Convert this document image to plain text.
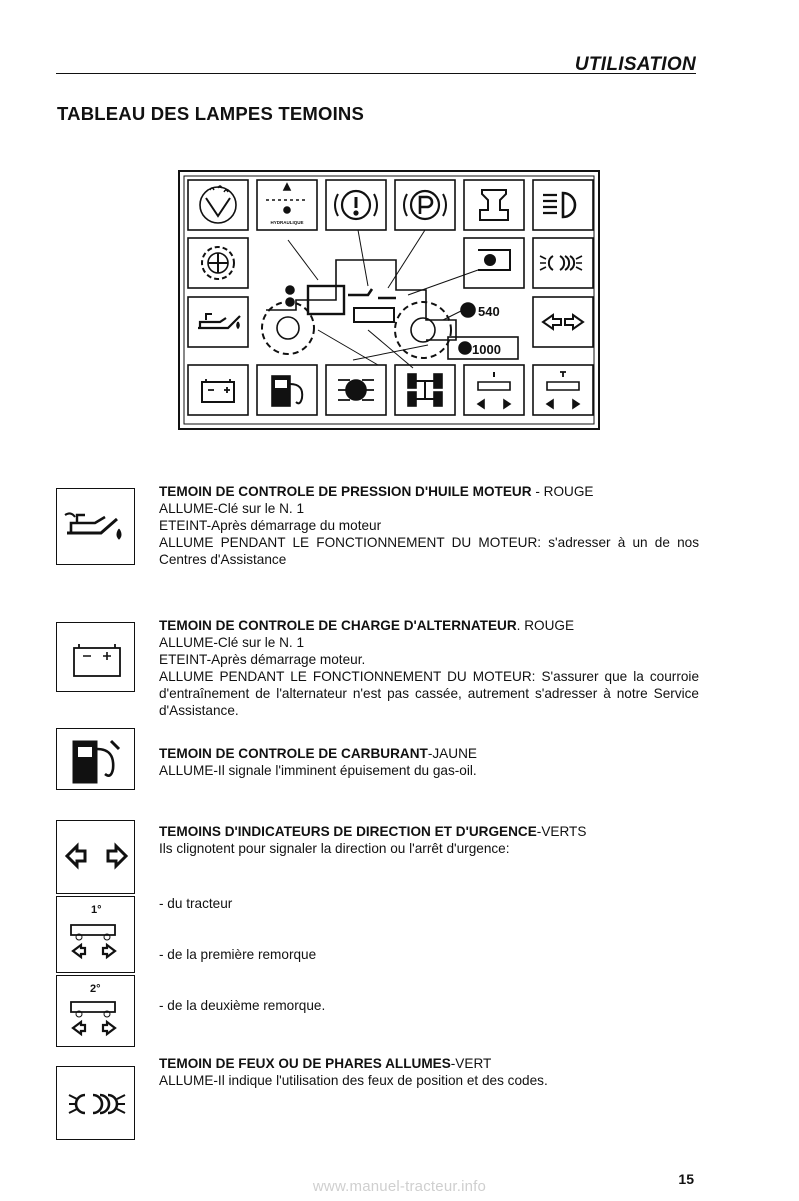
UTILISATION
TABLEAU DES LAMPES TEMOINS
HYDRAULIQUE
540
1000
1°
2°
TEMOIN DE CONTROLE DE PRESSION D'HUILE MOTEUR - ROUGE
ALLUME-Clé sur le N. 1
ETEINT-Après démarrage du moteur
ALLUME PENDANT LE FONCTIONNEMENT DU MOTEUR: s'adresser à un de nos Centres d'Assistance
TEMOIN DE CONTROLE DE CHARGE D'ALTERNATEUR. ROUGE
ALLUME-Clé sur le N. 1
ETEINT-Après démarrage moteur.
ALLUME PENDANT LE FONCTIONNEMENT DU MOTEUR: S'assurer que la courroie d'entraînement de l'alternateur n'est pas cassée, autrement s'adresser à notre Service d'Assistance.
TEMOIN DE CONTROLE DE CARBURANT-JAUNE
ALLUME-Il signale l'imminent épuisement du gas-oil.
TEMOINS D'INDICATEURS DE DIRECTION ET D'URGENCE-VERTS
Ils clignotent pour signaler la direction ou l'arrêt d'urgence:
- du tracteur
- de la première remorque
- de la deuxième remorque.
TEMOIN DE FEUX OU DE PHARES ALLUMES-VERT
ALLUME-Il indique l'utilisation des feux de position et des codes.
15
www.manuel-tracteur.info
